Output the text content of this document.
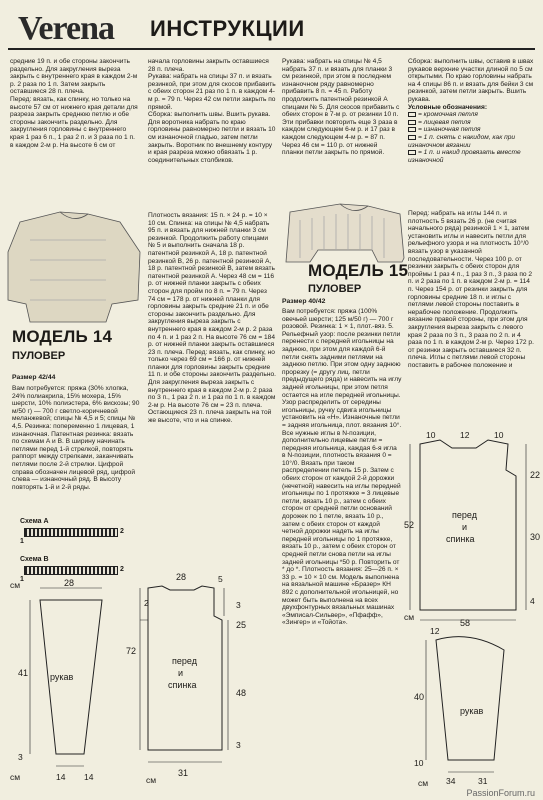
Verena ИНСТРУКЦИИ

средние 19 п. и обе стороны закончить раздельно. Для закругления выреза закрыть с внутреннего края в каждом 2-м р. 2 раза по 1 п. Затем закрыть оставшиеся 28 п. плеча.

Перед: вязать, как спинку, но только на высоте 57 см от нижнего края детали для разреза закрыть среднюю петлю и обе стороны закончить раздельно. Для закругления горловины с внутреннего края 1 раз 6 п., 1 раз 2 п. и 3 раза по 1 п. в каждом 2-м р. На высоте 6 см от

начала горловины закрыть оставшиеся 28 п. плеча.

Рукава: набрать на спицы 37 п. и вязать резинкой, при этом для скосов прибавить с обеих сторон 21 раз по 1 п. в каждом 4-м р. = 79 п. Через 42 см петли закрыть по прямой.

Сборка: выполнить швы. Вшить рукава. Для воротника набрать по краю горловины равномерно петли и вязать 10 см изнаночной гладью, затем петли закрыть. Воротник по внешнему контуру и края разреза можно обвязать 1 р. соединительных столбиков.

Рукава: набрать на спицы № 4,5 набрать 37 п. и вязать для планки 3 см резинкой, при этом в последнем изнаночном ряду равномерно прибавить 8 п. = 45 п. Работу продолжить патентной резинкой А спицами № 5. Для скосов прибавить с обеих сторон в 7-м р. от резинки 10 п. Эти прибавки повторить еще 3 раза в каждом следующем 6-м р. и 17 раз в каждом следующем 4-м р. = 87 п. Через 46 см = 110 р. от нижней планки петли закрыть по прямой.

Сборка: выполнить швы, оставив в швах рукавов верхние участки длиной по 5 см открытыми. По краю горловины набрать на 4 спицы 86 п. и вязать для бейки 3 см резинкой, затем петли закрыть. Вшить рукава.

Условные обозначения:

= кромочная петля

= лицевая петля

= изнаночная петля

= 1 п. снять с накидом, как при изнаночном вязании

= 1 п. и накид провязать вместе изнаночной

МОДЕЛЬ 14
ПУЛОВЕР
Размер 42/44

Вам потребуется: пряжа (30% хлопка, 24% полиакрила, 15% мохера, 15% шерсти, 10% полиэстера, 6% вискозы; 90 м/50 г) — 700 г светло-коричневой меланжевой; спицы № 4,5 и 5; спицы № 4,5. Резинка: попеременно 1 лицевая, 1 изнаночная. Патентная резинка: вязать по схемам А и В. В ширину начинать петлями перед 1-й стрелкой, повторять раппорт между стрелками, заканчивать петлями после 2-й стрелки. Цифрой справа обозначен лицевой ряд, цифрой слева — изнаночный ряд. В высоту повторять 1-й и 2-й ряды.

Плотность вязания: 15 п. × 24 р. = 10 × 10 см. Спинка: на спицы № 4,5 набрать 95 п. и вязать для нижней планки 3 см резинкой. Продолжить работу спицами № 5 и выполнить сначала 18 р. патентной резинкой А, 18 р. патентной резинкой В, 26 р. патентной резинкой А, 18 р. патентной резинкой В, затем вязать патентной резинкой А. Через 48 см = 116 р. от нижней планки закрыть с обеих сторон для пройм по 8 п. = 79 п. Через 74 см = 178 р. от нижней планки для горловины закрыть средние 21 п. и обе стороны закончить раздельно. Для закругления выреза закрыть с внутреннего края в каждом 2-м р. 2 раза по 4 п. и 1 раз 2 п. На высоте 76 см = 184 р. от нижней планки закрыть оставшиеся 23 п. плеча. Перед: вязать, как спинку, но только через 69 см = 166 р. от нижней планки для горловины закрыть средние 11 п. и обе стороны закончить раздельно. Для закругления выреза закрыть с внутреннего края в каждом 2-м р. 2 раза по 3 п., 1 раз 2 п. и 1 раз по 1 п. в каждом 2-м р. На высоте 76 см = 23 п. плеча. Остающиеся 23 п. плеча закрыть на той же высоте, что и на спинке.

Схема А
2
1
Схема В
2
1
см	28
41 рукав
3
см	14 14
28	5
2	3
72
48
25
31
см
перед
и
спинка
3
МОДЕЛЬ 15
ПУЛОВЕР
Размер 40/42

Вам потребуется: пряжа (100% овечьей шерсти; 125 м/50 г) — 700 г розовой. Резинка: 1 × 1, плот.-вяз. 5. Рельефный узор: после резинки петли перенести с передней игольницы на заднюю, при этом для каждой 6-й петли снять задними петлями на заднюю петлю. При этом одну заднюю прорезку (= другу лиц. петли предыдущего ряда) и навесить на иглу задней игольницы, при этом петля остается на игле передней игольницы. Узор распределить от середины игольницы, ручку сдвига игольницы установить на «Н». Изнаночные петли = задняя игольница, плот. вязания 10°. Все нужные иглы в N-позиции, дополнительно лицевые петли = передняя игольница, каждая 6-я игла в N-позиции, плотность вязания 0 = 10°/0. Вязать при таком распределении петель 15 р. Затем с обеих сторон от каждой 2-й дорожки (нечетной) навесить на иглы передней игольницы по 1 протяжке = 3 лицевые петли, вязать 10 р., затем с обеих сторон от средней петли оснований дорожек по 1 петле, вязать 10 р., затем с обеих сторон от каждой четной дорожки надеть на иглы передней игольницы по 1 протяжке, вязать 10 р., затем с обеих сторон от средней петли снова петли на иглы задней игольницы *50 р. Повторить от * до *. Плотность вязания: 25—26 п. × 33 р. = 10 × 10 см. Модель выполнена на вязальной машине «Бразер» КН 892 с дополнительной игольницей, но может быть выполнена на всех двухфонтурных вязальных машинах «Эмписал-Сильвер», «Пфафф», «Зингер» и «Тойота».

Перед: набрать на иглы 144 п. и плотность 5 вязать 26 р. (не считая начального ряда) резинкой 1 × 1, затем установить иглы и навесить петли для рельефного узора и на плотность 10°/0 вязать узор в указанной последовательности. Через 100 р. от резинки закрыть с обеих сторон для проймы 1 раз 4 п., 1 раз 3 п., 3 раза по 2 п. и 2 раза по 1 п. в каждом 2-м р. = 114 п. Через 154 р. от резинки закрыть для горловины средние 18 п. и иглы с петлями левой стороны поставить в нерабочее положение. Продолжить вязание правой стороны, при этом для закругления выреза закрыть с левого края 2 раза по 3 п., 3 раза по 2 п. и 4 раза по 1 п. в каждом 2-м р. Через 172 р. от резинки закрыть оставшиеся 32 п. плеча. Иглы с петлями левой стороны поставить в рабочее положение и

10	12	10
22
52
30
4
58
см
перед
и
спинка
12
40
10
рукав
34	31
см
PassionForum.ru
